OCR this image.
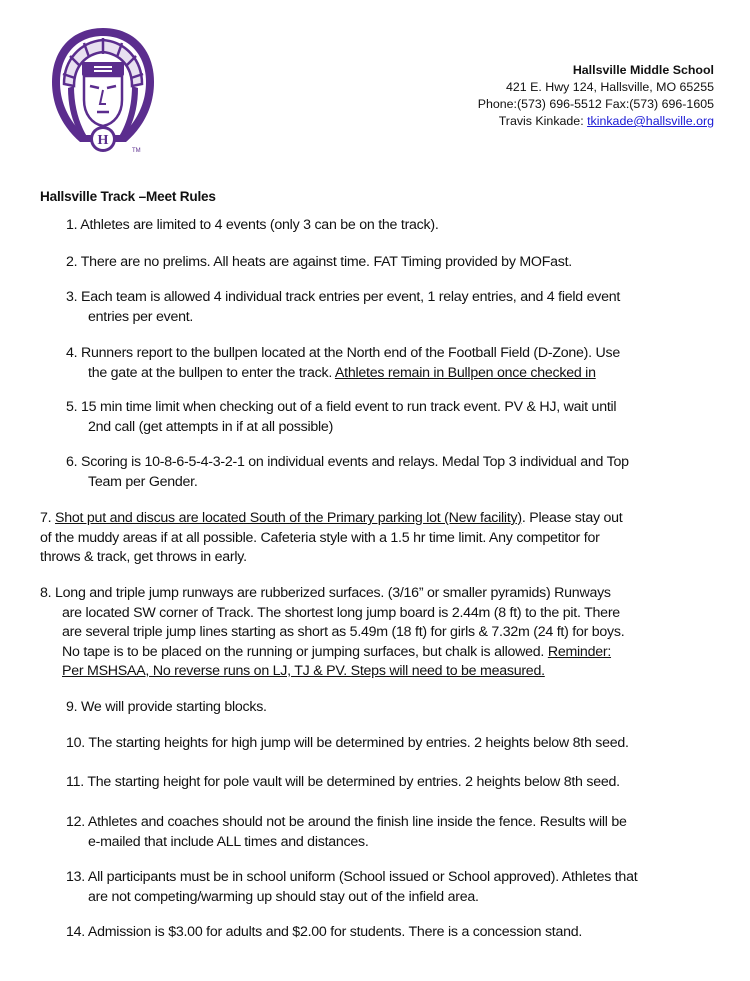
H
TM
Hallsville Middle School
421 E. Hwy 124, Hallsville, MO 65255
Phone:(573) 696-5512 Fax:(573) 696-1605
Travis Kinkade: tkinkade@hallsville.org
Hallsville Track –Meet Rules
1. Athletes are limited to 4 events (only 3 can be on the track).
2. There are no prelims. All heats are against time. FAT Timing provided by MOFast.
3. Each team is allowed 4 individual track entries per event, 1 relay entries, and 4 field event
entries per event.
4. Runners report to the bullpen located at the North end of the Football Field (D-Zone). Use
the gate at the bullpen to enter the track. Athletes remain in Bullpen once checked in
5. 15 min time limit when checking out of a field event to run track event. PV & HJ, wait until
2nd call (get attempts in if at all possible)
6. Scoring is 10-8-6-5-4-3-2-1 on individual events and relays. Medal Top 3 individual and Top
Team per Gender.
7. Shot put and discus are located South of the Primary parking lot (New facility). Please stay out
of the muddy areas if at all possible. Cafeteria style with a 1.5 hr time limit. Any competitor for
throws & track, get throws in early.
8. Long and triple jump runways are rubberized surfaces. (3/16” or smaller pyramids) Runways
are located SW corner of Track. The shortest long jump board is 2.44m (8 ft) to the pit. There
are several triple jump lines starting as short as 5.49m (18 ft) for girls & 7.32m (24 ft) for boys.
No tape is to be placed on the running or jumping surfaces, but chalk is allowed. Reminder:
Per MSHSAA, No reverse runs on LJ, TJ & PV. Steps will need to be measured.
9. We will provide starting blocks.
10. The starting heights for high jump will be determined by entries. 2 heights below 8th seed.
11. The starting height for pole vault will be determined by entries. 2 heights below 8th seed.
12. Athletes and coaches should not be around the finish line inside the fence. Results will be
e-mailed that include ALL times and distances.
13. All participants must be in school uniform (School issued or School approved). Athletes that
are not competing/warming up should stay out of the infield area.
14. Admission is $3.00 for adults and $2.00 for students. There is a concession stand.
